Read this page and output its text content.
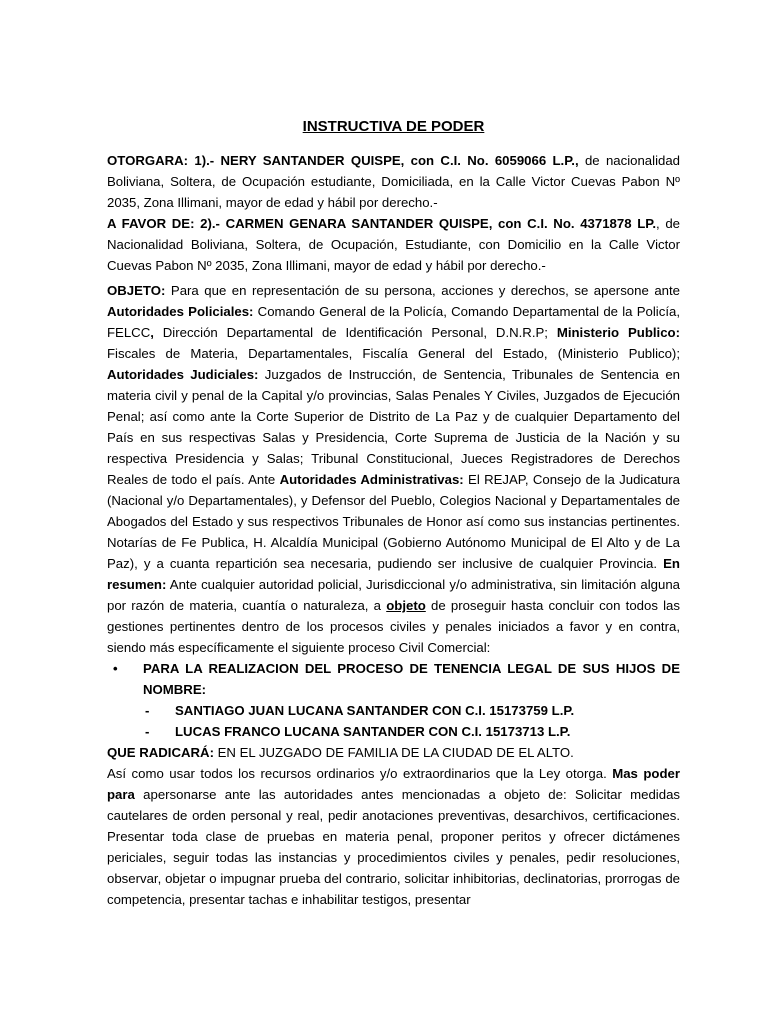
INSTRUCTIVA DE PODER

OTORGARA: 1).- NERY SANTANDER QUISPE, con C.I. No. 6059066 L.P., de nacionalidad Boliviana, Soltera, de Ocupación estudiante, Domiciliada, en la Calle Victor Cuevas Pabon Nº 2035, Zona Illimani, mayor de edad y hábil por derecho.-

A FAVOR DE: 2).- CARMEN GENARA SANTANDER QUISPE, con C.I. No. 4371878 LP., de Nacionalidad Boliviana, Soltera, de Ocupación, Estudiante, con Domicilio en la Calle Victor Cuevas Pabon Nº 2035, Zona Illimani, mayor de edad y hábil por derecho.-

OBJETO: Para que en representación de su persona, acciones y derechos, se apersone ante Autoridades Policiales: Comando General de la Policía, Comando Departamental de la Policía, FELCC, Dirección Departamental de Identificación Personal, D.N.R.P; Ministerio Publico: Fiscales de Materia, Departamentales, Fiscalía General del Estado, (Ministerio Publico); Autoridades Judiciales: Juzgados de Instrucción, de Sentencia, Tribunales de Sentencia en materia civil y penal de la Capital y/o provincias, Salas Penales Y Civiles, Juzgados de Ejecución Penal; así como ante la Corte Superior de Distrito de La Paz y de cualquier Departamento del País en sus respectivas Salas y Presidencia, Corte Suprema de Justicia de la Nación y su respectiva Presidencia y Salas; Tribunal Constitucional, Jueces Registradores de Derechos Reales de todo el país. Ante Autoridades Administrativas: El REJAP, Consejo de la Judicatura (Nacional y/o Departamentales), y Defensor del Pueblo, Colegios Nacional y Departamentales de Abogados del Estado y sus respectivos Tribunales de Honor así como sus instancias pertinentes. Notarías de Fe Publica, H. Alcaldía Municipal (Gobierno Autónomo Municipal de El Alto y de La Paz), y a cuanta repartición sea necesaria, pudiendo ser inclusive de cualquier Provincia. En resumen: Ante cualquier autoridad policial, Jurisdiccional y/o administrativa, sin limitación alguna por razón de materia, cuantía o naturaleza, a objeto de proseguir hasta concluir con todos las gestiones pertinentes dentro de los procesos civiles y penales iniciados a favor y en contra, siendo más específicamente el siguiente proceso Civil Comercial:

• PARA LA REALIZACION DEL PROCESO DE TENENCIA LEGAL DE SUS HIJOS DE NOMBRE:
- SANTIAGO JUAN LUCANA SANTANDER CON C.I. 15173759 L.P.
- LUCAS FRANCO LUCANA SANTANDER CON C.I. 15173713 L.P.

QUE RADICARÁ: EN EL JUZGADO DE FAMILIA DE LA CIUDAD DE EL ALTO.

Así como usar todos los recursos ordinarios y/o extraordinarios que la Ley otorga. Mas poder para apersonarse ante las autoridades antes mencionadas a objeto de: Solicitar medidas cautelares de orden personal y real, pedir anotaciones preventivas, desarchivos, certificaciones. Presentar toda clase de pruebas en materia penal, proponer peritos y ofrecer dictámenes periciales, seguir todas las instancias y procedimientos civiles y penales, pedir resoluciones, observar, objetar o impugnar prueba del contrario, solicitar inhibitorias, declinatorias, prorrogas de competencia, presentar tachas e inhabilitar testigos, presentar
